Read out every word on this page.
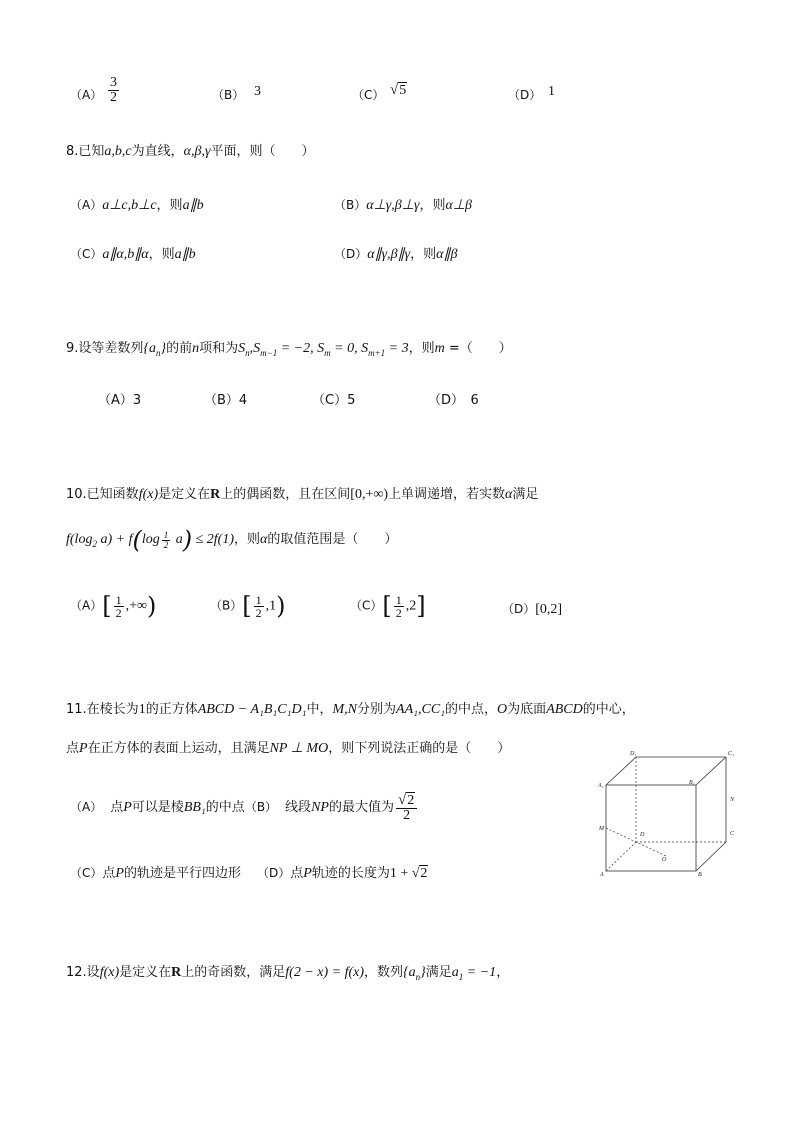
$(A) \frac{3}{2}$	（B） 3	（C） √5	（D） 1
8.已知a,b,c为直线，α,β,γ平面，则（　　）
（A）a⊥c,b⊥c，则a∥b	（B）α⊥γ,β⊥γ，则α⊥β
（C）a∥α,b∥α，则a∥b	（D）α∥γ,β∥γ，则α∥β
9.设等差数列$\{a_n\}$的前n项和为$S_n,S_{m-1} = -2$, $S_m = 0$, $S_{m+1} = 3$，则m =（　　）
（A）3	（B）4	（C）5	（D）　6
10.已知函数f(x)是定义在R上的偶函数，且在区间[0,+∞)上单调递增，若实数α满足
$f(\log_2$ $a) + f(\log \frac{1}{2} a) \le 2f(1)$，则α的取值范围是（　　）
$(A)[ \frac{1}{2}$ ,+∞)	$(B)[ \frac{1}{2} ,1)$	$(C)[ \frac{1}{2} ,2]$	（D）[0,2]
11.在棱长为1的正方体ABCD − A₁B₁C₁D₁中，M,N分别为AA₁,CC₁的中点，O为底面ABCD的中心，
点P在正方体的表面上运动，且满足NP ⊥ MO，则下列说法正确的是（　　）
（A） 点P可以是棱BB₁的中点（B） 线段NP的最大值为 $\frac{√2}{2}$
（C）点P的轨迹是平行四边形 （D）点P轨迹的长度为1 + √2
D₁	C₁
A₁	B₁
N
M
D	C
O
A	B
12.设f(x)是定义在R上的奇函数，满足f(2 − x) = f(x)，数列$\{a_n\}$满足$a_1 = -1$，
